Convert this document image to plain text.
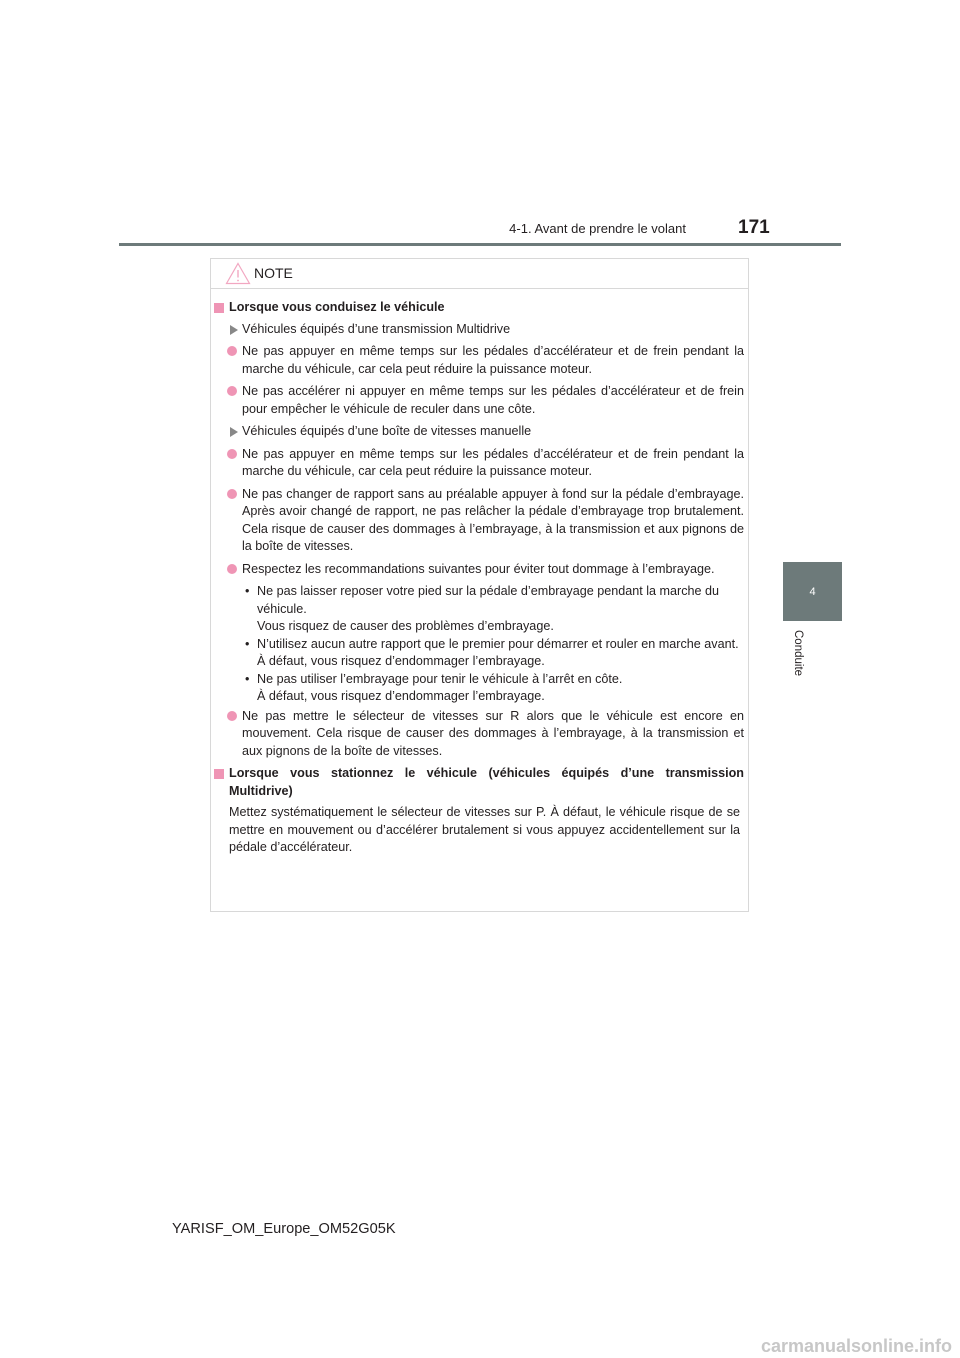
4-1. Avant de prendre le volant	171
4
Conduite
NOTE
Lorsque vous conduisez le véhicule
Véhicules équipés d’une transmission Multidrive
Ne pas appuyer en même temps sur les pédales d’accélérateur et de frein pendant la marche du véhicule, car cela peut réduire la puissance moteur.
Ne pas accélérer ni appuyer en même temps sur les pédales d’accélérateur et de frein pour empêcher le véhicule de reculer dans une côte.
Véhicules équipés d’une boîte de vitesses manuelle
Ne pas appuyer en même temps sur les pédales d’accélérateur et de frein pendant la marche du véhicule, car cela peut réduire la puissance moteur.
Ne pas changer de rapport sans au préalable appuyer à fond sur la pédale d’embrayage. Après avoir changé de rapport, ne pas relâcher la pédale d’embrayage trop brutalement. Cela risque de causer des dommages à l’embrayage, à la transmission et aux pignons de la boîte de vitesses.
Respectez les recommandations suivantes pour éviter tout dommage à l’embrayage.
• Ne pas laisser reposer votre pied sur la pédale d’embrayage pendant la marche du véhicule.
Vous risquez de causer des problèmes d’embrayage.
• N’utilisez aucun autre rapport que le premier pour démarrer et rouler en marche avant.
À défaut, vous risquez d’endommager l’embrayage.
• Ne pas utiliser l’embrayage pour tenir le véhicule à l’arrêt en côte.
À défaut, vous risquez d’endommager l’embrayage.
Ne pas mettre le sélecteur de vitesses sur R alors que le véhicule est encore en mouvement. Cela risque de causer des dommages à l’embrayage, à la transmission et aux pignons de la boîte de vitesses.
Lorsque vous stationnez le véhicule (véhicules équipés d’une transmission Multidrive)
Mettez systématiquement le sélecteur de vitesses sur P. À défaut, le véhicule risque de se mettre en mouvement ou d’accélérer brutalement si vous appuyez accidentellement sur la pédale d’accélérateur.
YARISF_OM_Europe_OM52G05K
carmanualsonline.info
